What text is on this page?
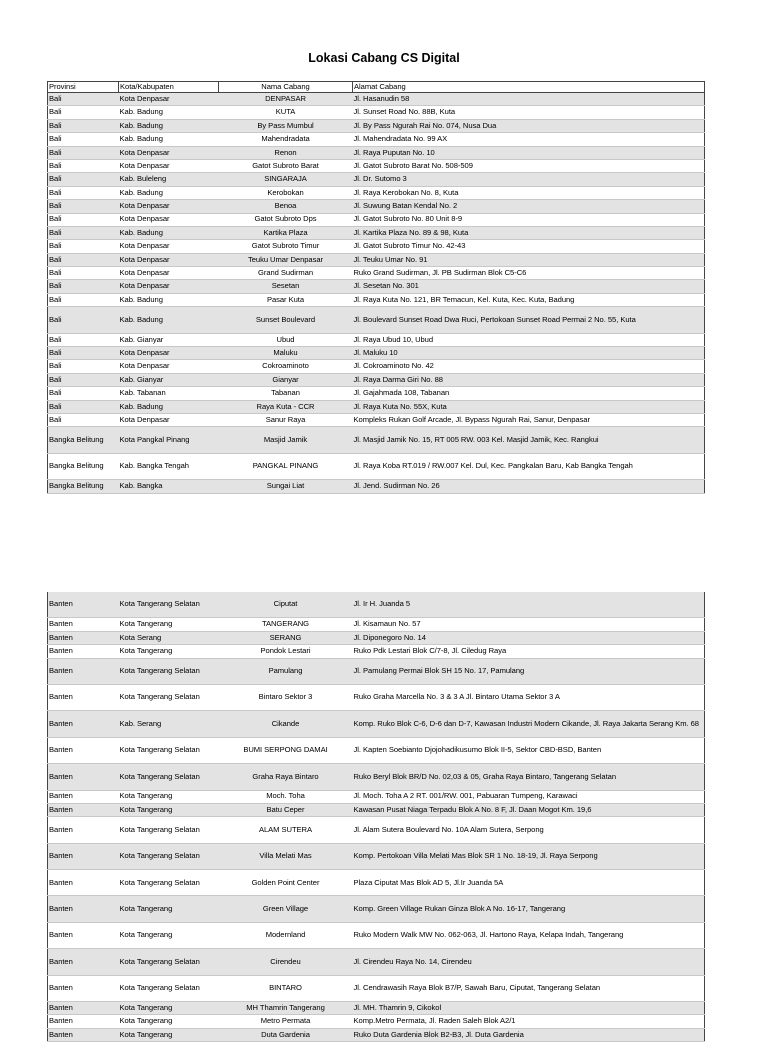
Lokasi Cabang CS Digital
Provinsi	Kota/Kabupaten	Nama Cabang	Alamat Cabang
Bali	Kota Denpasar	DENPASAR	Jl. Hasanudin 58
Bali	Kab. Badung	KUTA	Jl. Sunset Road No. 88B, Kuta
Bali	Kab. Badung	By Pass Mumbul	Jl. By Pass Ngurah Rai No. 074, Nusa Dua
Bali	Kab. Badung	Mahendradata	Jl. Mahendradata No. 99 AX
Bali	Kota Denpasar	Renon	Jl. Raya Puputan No. 10
Bali	Kota Denpasar	Gatot Subroto Barat	Jl. Gatot Subroto Barat No. 508-509
Bali	Kab. Buleleng	SINGARAJA	Jl. Dr. Sutomo 3
Bali	Kab. Badung	Kerobokan	Jl. Raya Kerobokan No. 8, Kuta
Bali	Kota Denpasar	Benoa	Jl. Suwung Batan Kendal No. 2
Bali	Kota Denpasar	Gatot Subroto Dps	Jl. Gatot Subroto No. 80 Unit 8-9
Bali	Kab. Badung	Kartika Plaza	Jl. Kartika Plaza No. 89 & 98, Kuta
Bali	Kota Denpasar	Gatot Subroto Timur	Jl. Gatot Subroto Timur No. 42-43
Bali	Kota Denpasar	Teuku Umar Denpasar	Jl. Teuku Umar No. 91
Bali	Kota Denpasar	Grand Sudirman	Ruko Grand Sudirman, Jl. PB Sudirman Blok C5-C6
Bali	Kota Denpasar	Sesetan	Jl. Sesetan No. 301
Bali	Kab. Badung	Pasar Kuta	Jl. Raya Kuta No. 121, BR Temacun, Kel. Kuta, Kec. Kuta, Badung
Bali	Kab. Badung	Sunset Boulevard	Jl. Boulevard Sunset Road Dwa Ruci, Pertokoan Sunset Road Permai 2 No. 55, Kuta
Bali	Kab. Gianyar	Ubud	Jl. Raya Ubud 10, Ubud
Bali	Kota Denpasar	Maluku	Jl. Maluku 10
Bali	Kota Denpasar	Cokroaminoto	Jl. Cokroaminoto No. 42
Bali	Kab. Gianyar	Gianyar	Jl. Raya Darma Giri No. 88
Bali	Kab. Tabanan	Tabanan	Jl. Gajahmada 108, Tabanan
Bali	Kab. Badung	Raya Kuta - CCR	Jl. Raya Kuta No. 55X, Kuta
Bali	Kota Denpasar	Sanur Raya	Kompleks Rukan Golf Arcade, Jl. Bypass Ngurah Rai, Sanur, Denpasar
Bangka Belitung	Kota Pangkal Pinang	Masjid Jamik	Jl. Masjid Jamik No. 15, RT 005 RW. 003 Kel. Masjid Jamik, Kec. Rangkui
Bangka Belitung	Kab. Bangka Tengah	PANGKAL PINANG	Jl. Raya Koba RT.019 / RW.007 Kel. Dul, Kec. Pangkalan Baru, Kab Bangka Tengah
Bangka Belitung	Kab. Bangka	Sungai Liat	Jl. Jend. Sudirman No. 26
Banten	Kota Tangerang Selatan	Ciputat	Jl. Ir H. Juanda 5
Banten	Kota Tangerang	TANGERANG	Jl. Kisamaun No. 57
Banten	Kota Serang	SERANG	Jl. Diponegoro No. 14
Banten	Kota Tangerang	Pondok Lestari	Ruko Pdk Lestari Blok C/7-8, Jl. Ciledug Raya
Banten	Kota Tangerang Selatan	Pamulang	Jl. Pamulang Permai Blok SH 15 No. 17, Pamulang
Banten	Kota Tangerang Selatan	Bintaro Sektor 3	Ruko Graha Marcella No. 3 & 3 A Jl. Bintaro Utama Sektor 3 A
Banten	Kab. Serang	Cikande	Komp. Ruko Blok C-6, D-6 dan D-7, Kawasan Industri Modern Cikande, Jl. Raya Jakarta Serang Km. 68
Banten	Kota Tangerang Selatan	BUMI SERPONG DAMAI	Jl. Kapten Soebianto Djojohadikusumo Blok II-5, Sektor CBD-BSD, Banten
Banten	Kota Tangerang Selatan	Graha Raya Bintaro	Ruko Beryl Blok BR/D No. 02,03 & 05, Graha Raya Bintaro, Tangerang Selatan
Banten	Kota Tangerang	Moch. Toha	Jl. Moch. Toha A 2 RT. 001/RW. 001, Pabuaran Tumpeng, Karawaci
Banten	Kota Tangerang	Batu Ceper	Kawasan Pusat Niaga Terpadu Blok A No. 8 F, Jl. Daan Mogot Km. 19,6
Banten	Kota Tangerang Selatan	ALAM SUTERA	Jl. Alam Sutera Boulevard No. 10A Alam Sutera, Serpong
Banten	Kota Tangerang Selatan	Villa Melati Mas	Komp. Pertokoan Villa Melati Mas Blok SR 1 No. 18-19, Jl. Raya Serpong
Banten	Kota Tangerang Selatan	Golden Point Center	Plaza Ciputat Mas Blok AD 5, Jl.Ir Juanda 5A
Banten	Kota Tangerang	Green Village	Komp. Green Village Rukan Ginza Blok A No. 16-17, Tangerang
Banten	Kota Tangerang	Modernland	Ruko Modern Walk MW No. 062-063, Jl. Hartono Raya, Kelapa Indah, Tangerang
Banten	Kota Tangerang Selatan	Cirendeu	Jl. Cirendeu Raya No. 14, Cirendeu
Banten	Kota Tangerang Selatan	BINTARO	Jl. Cendrawasih Raya Blok B7/P, Sawah Baru, Ciputat, Tangerang Selatan
Banten	Kota Tangerang	MH Thamrin Tangerang	Jl. MH. Thamrin 9, Cikokol
Banten	Kota Tangerang	Metro Permata	Komp.Metro Permata, Jl. Raden Saleh Blok A2/1
Banten	Kota Tangerang	Duta Gardenia	Ruko Duta Gardenia Blok B2-B3, Jl. Duta Gardenia
